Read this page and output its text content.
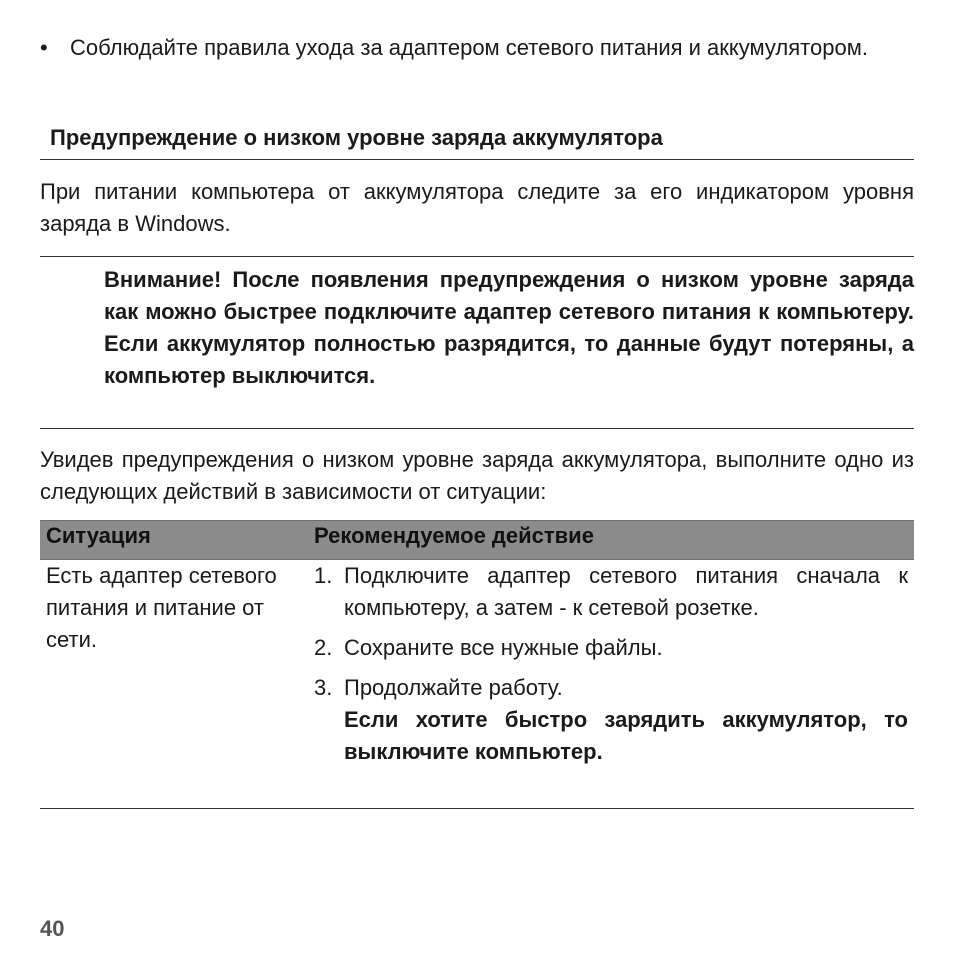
•	Соблюдайте правила ухода за адаптером сетевого питания и аккумулятором.
Предупреждение о низком уровне заряда аккумулятора
При питании компьютера от аккумулятора следите за его индикатором уровня заряда в Windows.
Внимание! После появления предупреждения о низком уровне заряда как можно быстрее подключите адаптер сетевого питания к компьютеру. Если аккумулятор полностью разрядится, то данные будут потеряны, а компьютер выключится.
Увидев предупреждения о низком уровне заряда аккумулятора, выполните одно из следующих действий в зависимости от ситуации:
Ситуация	Рекомендуемое действие
Есть адаптер сетевого питания и питание от сети.
1. Подключите адаптер сетевого питания сначала к компьютеру, а затем - к сетевой розетке.
2. Сохраните все нужные файлы.
3. Продолжайте работу.
Если хотите быстро зарядить аккумулятор, то выключите компьютер.
40
